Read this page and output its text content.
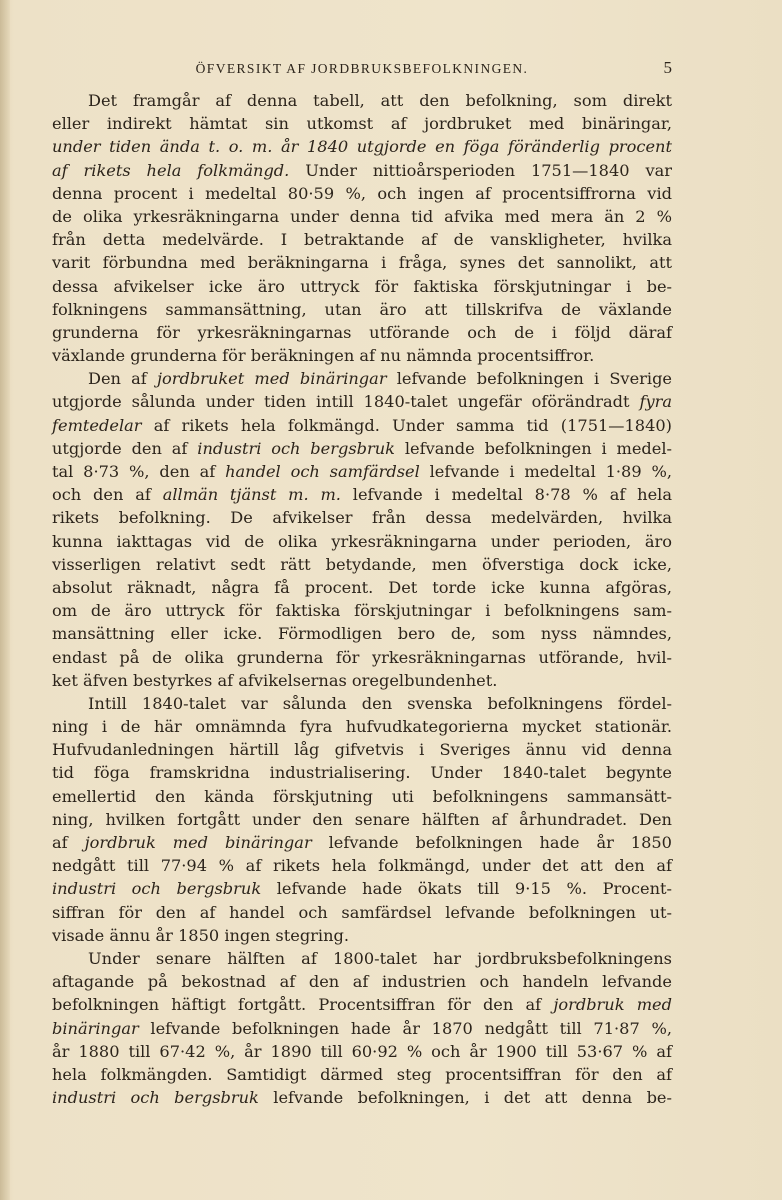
ÖFVERSIKT AF JORDBRUKSBEFOLKNINGEN.	5
Det framgår af denna tabell, att den befolkning, som direkt
eller indirekt hämtat sin utkomst af jordbruket med binäringar,
under tiden ända t. o. m. år 1840 utgjorde en föga föränderlig procent
af rikets hela folkmängd. Under nittioårsperioden 1751—1840 var
denna procent i medeltal 80·59 %, och ingen af procentsiffrorna vid
de olika yrkesräkningarna under denna tid afvika med mera än 2 %
från detta medelvärde. I betraktande af de vanskligheter, hvilka
varit förbundna med beräkningarna i fråga, synes det sannolikt, att
dessa afvikelser icke äro uttryck för faktiska förskjutningar i be-
folkningens sammansättning, utan äro att tillskrifva de växlande
grunderna för yrkesräkningarnas utförande och de i följd däraf
växlande grunderna för beräkningen af nu nämnda procentsiffror.
Den af jordbruket med binäringar lefvande befolkningen i Sverige
utgjorde sålunda under tiden intill 1840-talet ungefär oförändradt fyra
femtedelar af rikets hela folkmängd. Under samma tid (1751—1840)
utgjorde den af industri och bergsbruk lefvande befolkningen i medel-
tal 8·73 %, den af handel och samfärdsel lefvande i medeltal 1·89 %,
och den af allmän tjänst m. m. lefvande i medeltal 8·78 % af hela
rikets befolkning. De afvikelser från dessa medelvärden, hvilka
kunna iakttagas vid de olika yrkesräkningarna under perioden, äro
visserligen relativt sedt rätt betydande, men öfverstiga dock icke,
absolut räknadt, några få procent. Det torde icke kunna afgöras,
om de äro uttryck för faktiska förskjutningar i befolkningens sam-
mansättning eller icke. Förmodligen bero de, som nyss nämndes,
endast på de olika grunderna för yrkesräkningarnas utförande, hvil-
ket äfven bestyrkes af afvikelsernas oregelbundenhet.
Intill 1840-talet var sålunda den svenska befolkningens fördel-
ning i de här omnämnda fyra hufvudkategorierna mycket stationär.
Hufvudanledningen härtill låg gifvetvis i Sveriges ännu vid denna
tid föga framskridna industrialisering. Under 1840-talet begynte
emellertid den kända förskjutning uti befolkningens sammansätt-
ning, hvilken fortgått under den senare hälften af århundradet. Den
af jordbruk med binäringar lefvande befolkningen hade år 1850
nedgått till 77·94 % af rikets hela folkmängd, under det att den af
industri och bergsbruk lefvande hade ökats till 9·15 %. Procent-
siffran för den af handel och samfärdsel lefvande befolkningen ut-
visade ännu år 1850 ingen stegring.
Under senare hälften af 1800-talet har jordbruksbefolkningens
aftagande på bekostnad af den af industrien och handeln lefvande
befolkningen häftigt fortgått. Procentsiffran för den af jordbruk med
binäringar lefvande befolkningen hade år 1870 nedgått till 71·87 %,
år 1880 till 67·42 %, år 1890 till 60·92 % och år 1900 till 53·67 % af
hela folkmängden. Samtidigt därmed steg procentsiffran för den af
industri och bergsbruk lefvande befolkningen, i det att denna be-
